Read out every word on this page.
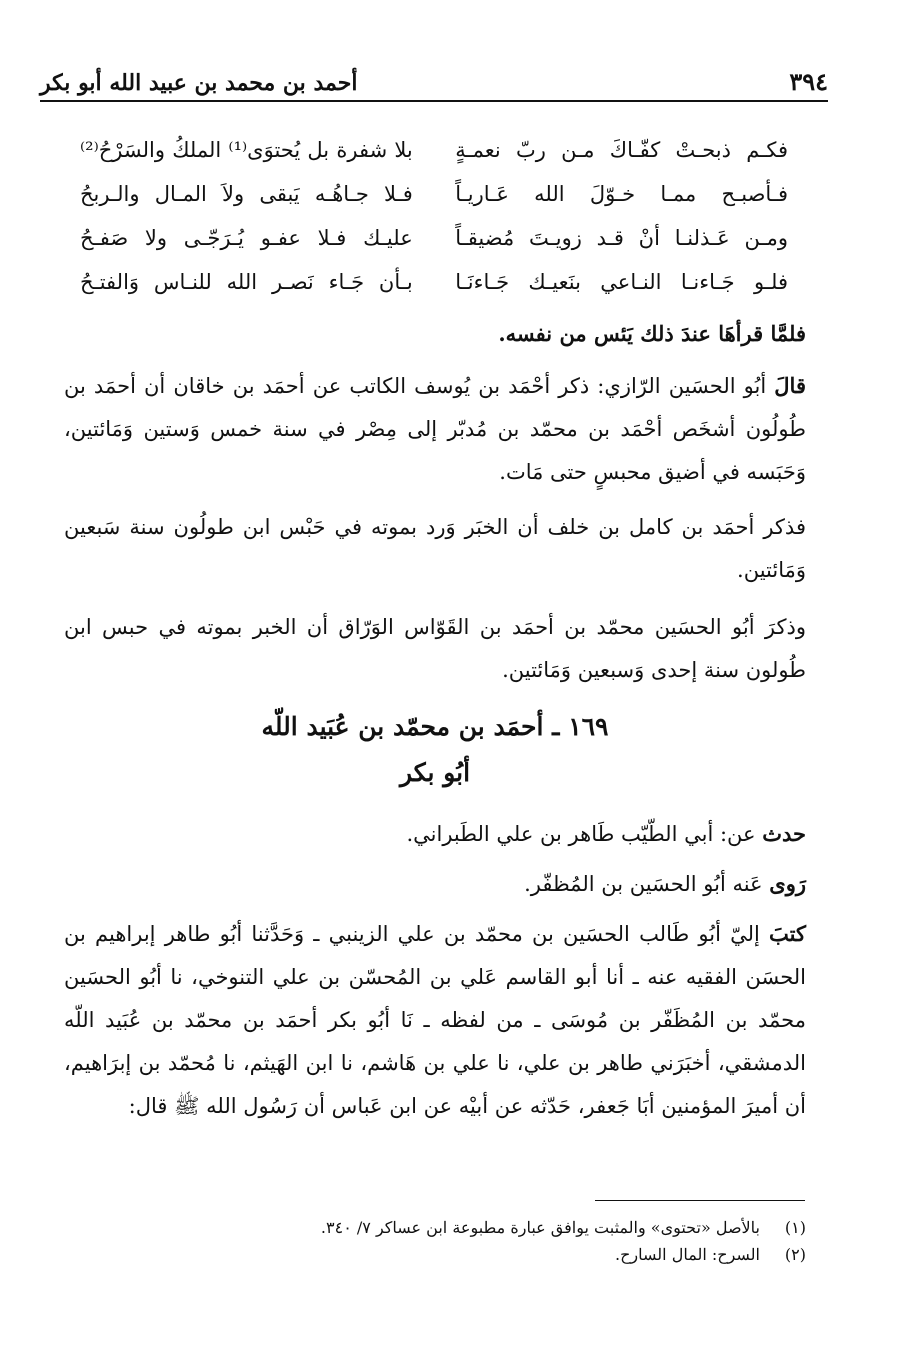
٣٩٤
أحمد بن محمد بن عبيد الله أبو بكر
فكـم ذبحـتْ كفّـاكَ مـن ربّ نعمـةٍ
بلا شفرة بل يُحتوَى⁽¹⁾ الملكُ والسَرْحُ⁽²⁾
فـأصبـح ممـا خـوّلَ الله عَـاريـاً
فـلا جـاهُـه يَبقى ولاَ المـال والـربحُ
ومـن عَـذلنـا أنْ قـد زويـتَ مُضيقـاً
عليـك فـلا عفـو يُـرَجّـى ولا صَفـحُ
فلـو جَـاءنـا النـاعي بنَعيـك جَـاءنَـا
بـأن جَـاء نَصـر الله للنـاس وَالفتـحُ
فلمَّا قرأهَا عندَ ذلك يَئس من نفسه.
قالَ أبُو الحسَين الرّازي: ذكر أحْمَد بن يُوسف الكاتب عن أحمَد بن خاقان أن أحمَد بن طُولُون أشخَص أحْمَد بن محمّد بن مُدبّر إلى مِصْر في سنة خمس وَستين وَمَائتين، وَحَبَسه في أضيق محبسٍ حتى مَات.
فذكر أحمَد بن كامل بن خلف أن الخبَر وَرد بموته في حَبْس ابن طولُون سنة سَبعين وَمَائتين.
وذكرَ أبُو الحسَين محمّد بن أحمَد بن القَوّاس الوَرّاق أن الخبر بموته في حبس ابن طُولون سنة إحدى وَسبعين وَمَائتين.
١٦٩ ـ أحمَد بن محمّد بن عُبَيد اللّه
أبُو بكر
حدث عن: أبي الطّيّب طَاهر بن علي الطَبراني.
رَوى عَنه أبُو الحسَين بن المُظفّر.
كتبَ إليّ أبُو طَالب الحسَين بن محمّد بن علي الزينبي ـ وَحَدَّثنا أبُو طاهر إبراهيم بن الحسَن الفقيه عنه ـ أنا أبو القاسم عَلي بن المُحسّن بن علي التنوخي، نا أبُو الحسَين محمّد بن المُظَفّر بن مُوسَى ـ من لفظه ـ نَا أبُو بكر أحمَد بن محمّد بن عُبَيد اللّه الدمشقي، أخبَرَني طاهر بن علي، نا علي بن هَاشم، نا ابن الهَيثم، نا مُحمّد بن إبرَاهيم، أن أميرَ المؤمنين أبَا جَعفر، حَدّثه عن أبيْه عن ابن عَباس أن رَسُول الله ﷺ قال:
(١)
بالأصل «تحتوى» والمثبت يوافق عبارة مطبوعة ابن عساكر ٧/ ٣٤٠.
(٢)
السرح: المال السارح.
